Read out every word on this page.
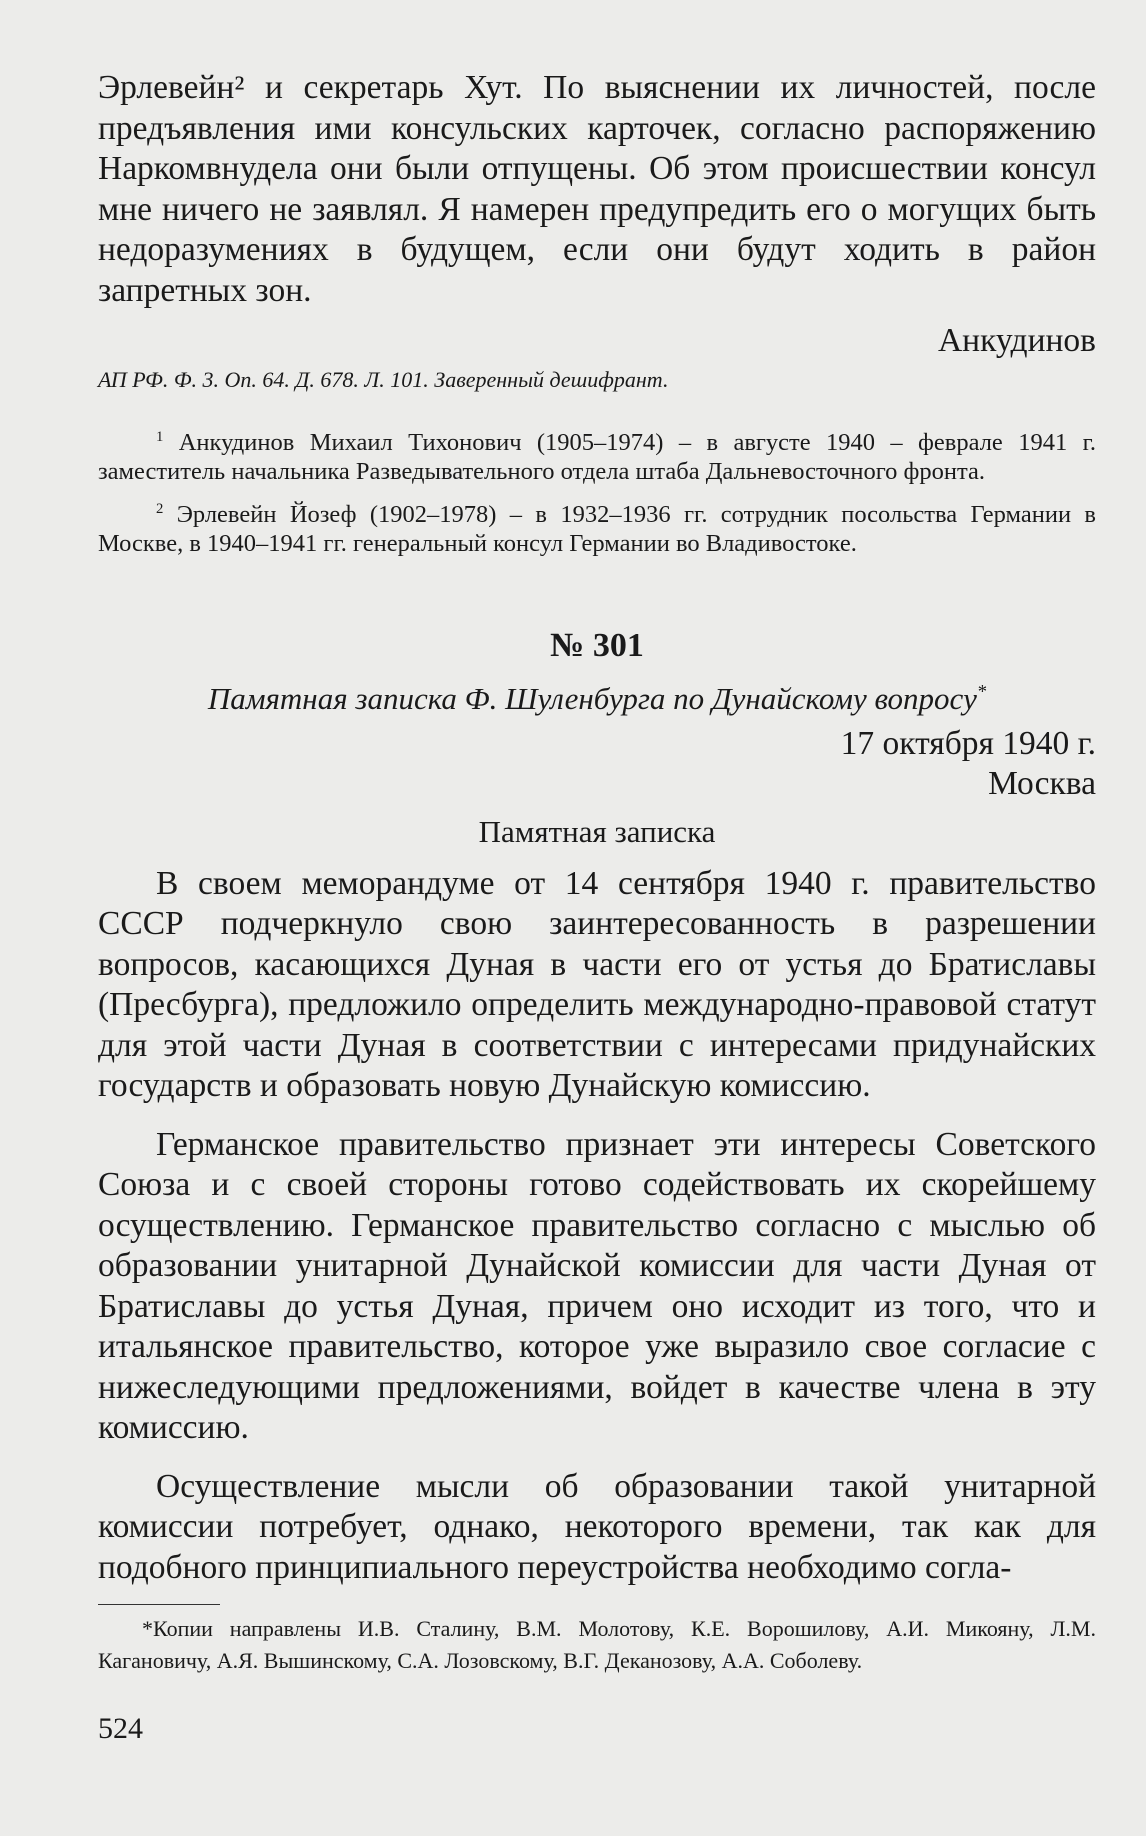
Эрлевейн² и секретарь Хут. По выяснении их личностей, после предъявления ими консульских карточек, согласно распоряжению Наркомвнудела они были отпущены. Об этом происшествии консул мне ничего не заявлял. Я намерен предупредить его о могущих быть недоразумениях в будущем, если они будут ходить в район запретных зон.

Анкудинов

АП РФ. Ф. 3. Оп. 64. Д. 678. Л. 101. Заверенный дешифрант.

$^1$ Анкудинов Михаил Тихонович (1905–1974) – в августе 1940 – феврале 1941 г. заместитель начальника Разведывательного отдела штаба Дальневосточного фронта.

$^2$ Эрлевейн Йозеф (1902–1978) – в 1932–1936 гг. сотрудник посольства Германии в Москве, в 1940–1941 гг. генеральный консул Германии во Владивостоке.

№ 301

Памятная записка Ф. Шуленбурга по Дунайскому вопросу*

17 октября 1940 г.

Москва

Памятная записка

В своем меморандуме от 14 сентября 1940 г. правительство СССР подчеркнуло свою заинтересованность в разрешении вопросов, касающихся Дуная в части его от устья до Братиславы (Пресбурга), предложило определить международно-правовой статут для этой части Дуная в соответствии с интересами придунайских государств и образовать новую Дунайскую комиссию.

Германское правительство признает эти интересы Советского Союза и с своей стороны готово содействовать их скорейшему осуществлению. Германское правительство согласно с мыслью об образовании унитарной Дунайской комиссии для части Дуная от Братиславы до устья Дуная, причем оно исходит из того, что и итальянское правительство, которое уже выразило свое согласие с нижеследующими предложениями, войдет в качестве члена в эту комиссию.

Осуществление мысли об образовании такой унитарной комиссии потребует, однако, некоторого времени, так как для подобного принципиального переустройства необходимо согла-

*Копии направлены И.В. Сталину, В.М. Молотову, К.Е. Ворошилову, А.И. Микояну, Л.М. Кагановичу, А.Я. Вышинскому, С.А. Лозовскому, В.Г. Деканозову, А.А. Соболеву.

524
